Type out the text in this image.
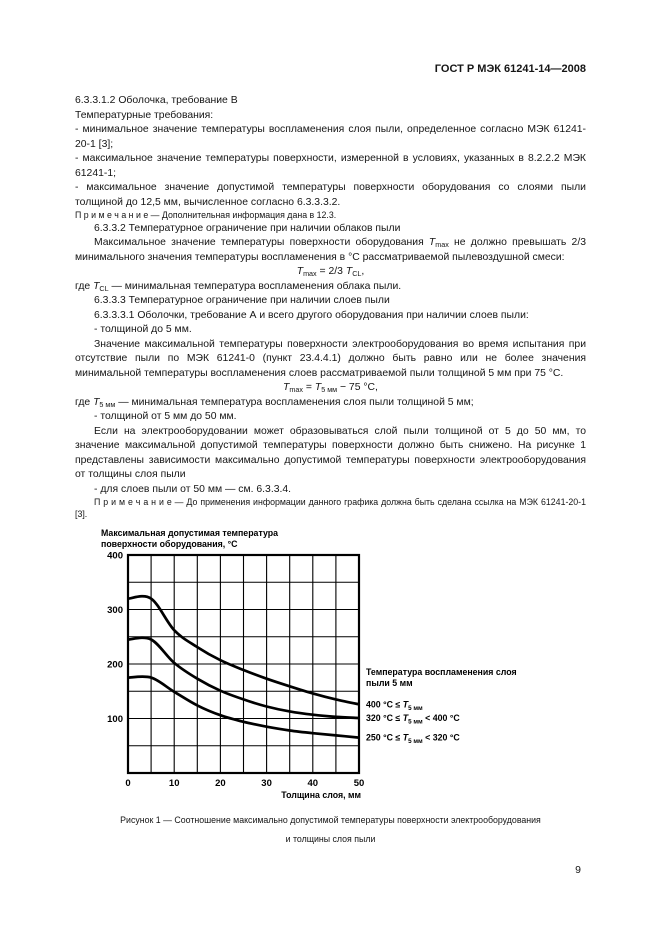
ГОСТ Р МЭК 61241-14—2008

6.3.3.1.2 Оболочка, требование В

Температурные требования:

- минимальное значение температуры воспламенения слоя пыли, определенное согласно МЭК 61241-20-1 [3];

- максимальное значение температуры поверхности, измеренной в условиях, указанных в 8.2.2.2 МЭК 61241-1;

- максимальное значение допустимой температуры поверхности оборудования со слоями пыли толщиной до 12,5 мм, вычисленное согласно 6.3.3.3.2.

П р и м е ч а н и е — Дополнительная информация дана в 12.3.

6.3.3.2 Температурное ограничение при наличии облаков пыли

Максимальное значение температуры поверхности оборудования $T_{max}$ не должно превышать 2/3 минимального значения температуры воспламенения в °С рассматриваемой пылевоздушной смеси:

$T_{max} = 2/3$ $T_{CL}$,

где $T_{CL}$ — минимальная температура воспламенения облака пыли.

6.3.3.3 Температурное ограничение при наличии слоев пыли

6.3.3.3.1 Оболочки, требование А и всего другого оборудования при наличии слоев пыли:

- толщиной до 5 мм.

Значение максимальной температуры поверхности электрооборудования во время испытания при отсутствие пыли по МЭК 61241-0 (пункт 23.4.4.1) должно быть равно или не более значения минимальной температуры воспламенения слоев рассматриваемой пыли толщиной 5 мм при 75 °С.

$T_{max} = T_{5 мм} - 75$ °С,

где $T_{5 мм}$ — минимальная температура воспламенения слоя пыли толщиной 5 мм;

- толщиной от 5 мм до 50 мм.

Если на электрооборудовании может образовываться слой пыли толщиной от 5 до 50 мм, то значение максимальной допустимой температуры поверхности должно быть снижено. На рисунке 1 представлены зависимости максимально допустимой температуры поверхности электрооборудования от толщины слоя пыли

- для слоев пыли от 50 мм — см. 6.3.3.4.

П р и м е ч а н и е — До применения информации данного графика должна быть сделана ссылка на МЭК 61241-20-1 [3].

400
300
200
100
0	10	20	30	40	50
Максимальная допустимая температура
поверхности оборудования, °С
Толщина слоя, мм
Температура воспламенения слоя
пыли 5 мм
400 $^\circ С \le T_{5 мм}$
320 $^\circ С \le T_{5 мм} < 400$ °С
250 $^\circ С \le T_{5 мм} < 320$ °С

Рисунок 1 — Соотношение максимально допустимой температуры поверхности электрооборудования
и толщины слоя пыли

9
